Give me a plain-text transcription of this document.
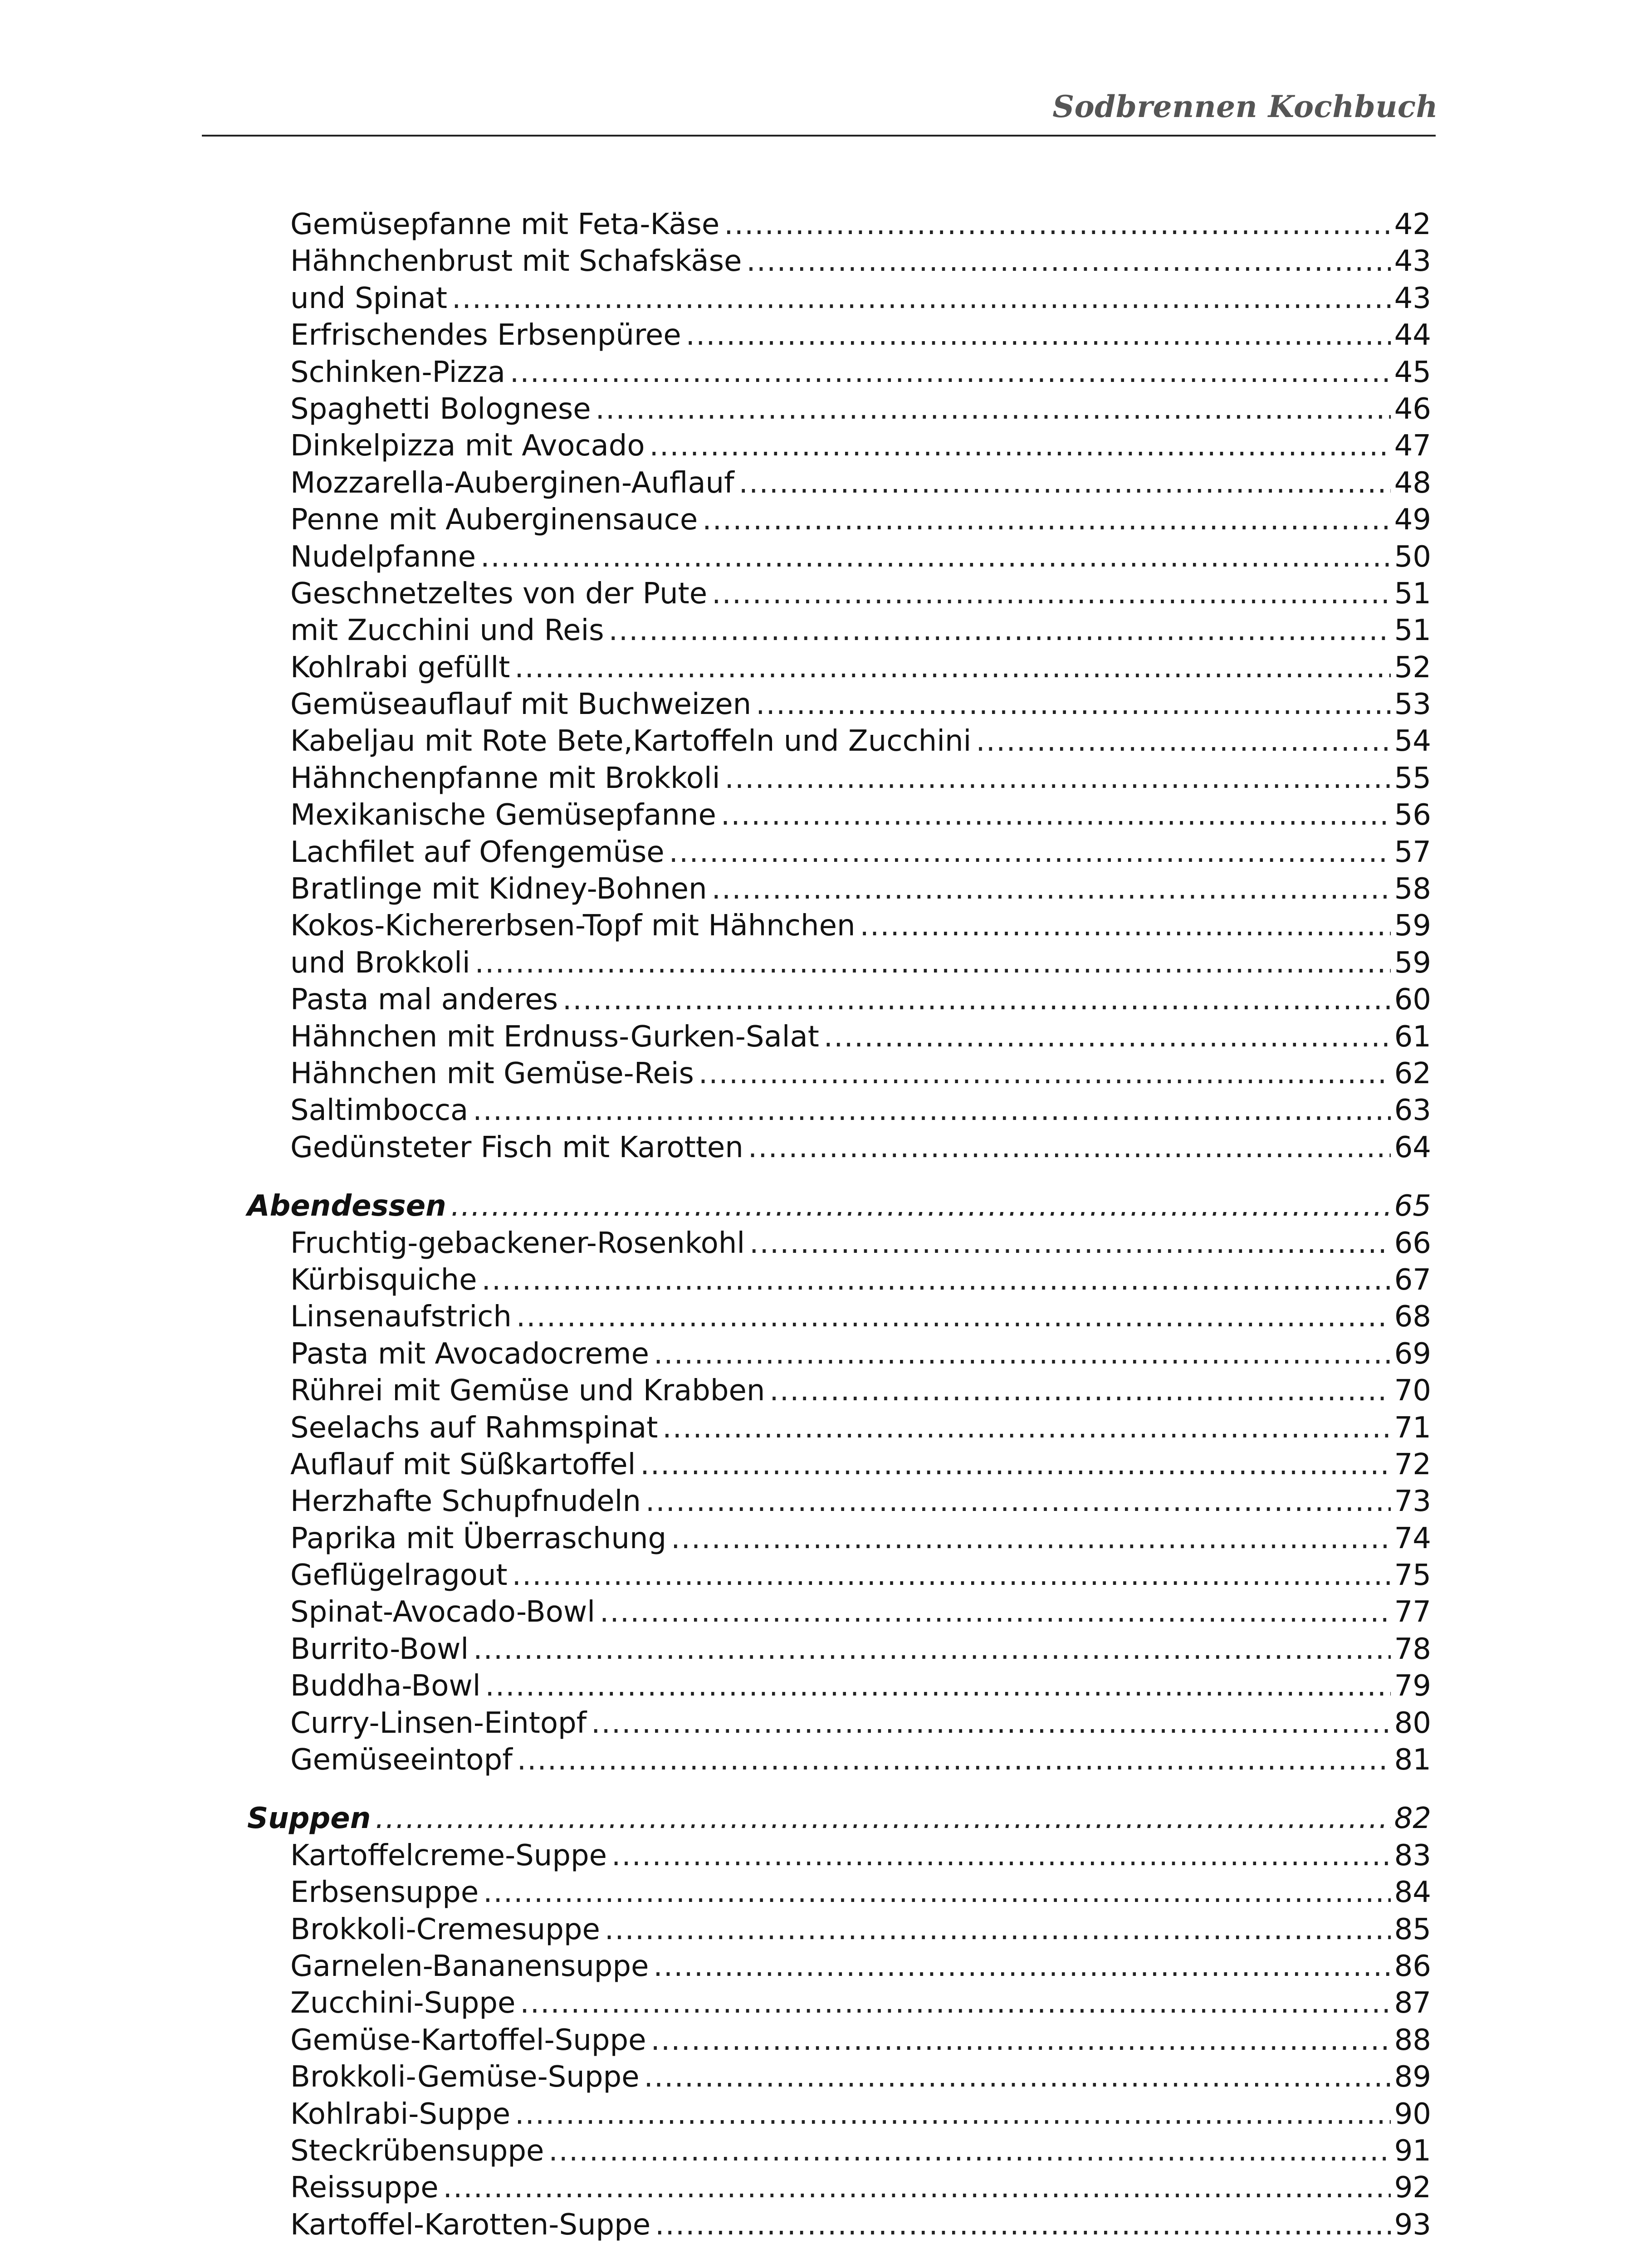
Sodbrennen Kochbuch
Gemüsepfanne mit Feta-Käse .....	42
Hähnchenbrust mit Schafskäse .....	43
und Spinat .....	43
Erfrischendes Erbsenpüree .....	44
Schinken-Pizza .....	45
Spaghetti Bolognese .....	46
Dinkelpizza mit Avocado .....	47
Mozzarella-Auberginen-Auflauf .....	48
Penne mit Auberginensauce .....	49
Nudelpfanne .....	50
Geschnetzeltes von der Pute .....	51
mit Zucchini und Reis .....	51
Kohlrabi gefüllt .....	52
Gemüseauflauf mit Buchweizen .....	53
Kabeljau mit Rote Bete,Kartoffeln und Zucchini .....	54
Hähnchenpfanne mit Brokkoli .....	55
Mexikanische Gemüsepfanne .....	56
Lachfilet auf Ofengemüse .....	57
Bratlinge mit Kidney-Bohnen .....	58
Kokos-Kichererbsen-Topf mit Hähnchen .....	59
und Brokkoli .....	59
Pasta mal anderes .....	60
Hähnchen mit Erdnuss-Gurken-Salat .....	61
Hähnchen mit Gemüse-Reis .....	62
Saltimbocca .....	63
Gedünsteter Fisch mit Karotten .....	64
Abendessen .....	65
Fruchtig-gebackener-Rosenkohl .....	66
Kürbisquiche .....	67
Linsenaufstrich .....	68
Pasta mit Avocadocreme .....	69
Rührei mit Gemüse und Krabben .....	70
Seelachs auf Rahmspinat .....	71
Auflauf mit Süßkartoffel .....	72
Herzhafte Schupfnudeln .....	73
Paprika mit Überraschung .....	74
Geflügelragout .....	75
Spinat-Avocado-Bowl .....	77
Burrito-Bowl .....	78
Buddha-Bowl .....	79
Curry-Linsen-Eintopf .....	80
Gemüseeintopf .....	81
Suppen .....	82
Kartoffelcreme-Suppe .....	83
Erbsensuppe .....	84
Brokkoli-Cremesuppe .....	85
Garnelen-Bananensuppe .....	86
Zucchini-Suppe .....	87
Gemüse-Kartoffel-Suppe .....	88
Brokkoli-Gemüse-Suppe .....	89
Kohlrabi-Suppe .....	90
Steckrübensuppe .....	91
Reissuppe .....	92
Kartoffel-Karotten-Suppe .....	93
